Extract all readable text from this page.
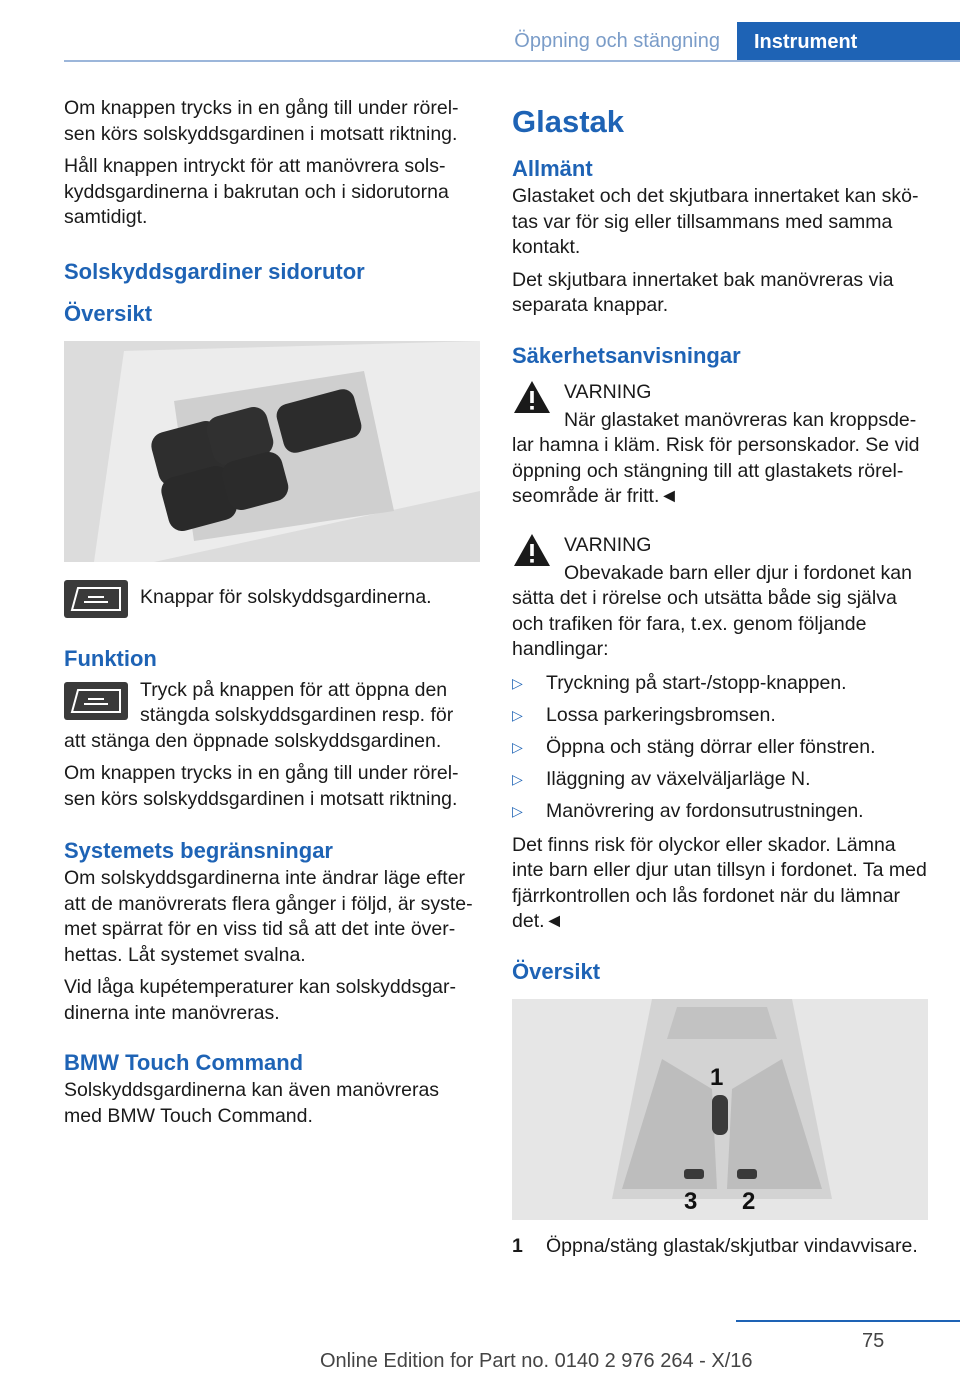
Öppning och stängning	Instrument

Om knappen trycks in en gång till under rörel-sen körs solskyddsgardinen i motsatt riktning.

Håll knappen intryckt för att manövrera sols-kyddsgardinerna i bakrutan och i sidorutorna samtidigt.

Solskyddsgardiner sidorutor
Översikt
Knappar för solskyddsgardinerna.
Funktion
Tryck på knappen för att öppna den stängda solskyddsgardinen resp. för att stänga den öppnade solskyddsgardinen.

Om knappen trycks in en gång till under rörel-sen körs solskyddsgardinen i motsatt riktning.

Systemets begränsningar

Om solskyddsgardinerna inte ändrar läge efter att de manövrerats flera gånger i följd, är syste-met spärrat för en viss tid så att det inte över-hettas. Låt systemet svalna.

Vid låga kupétemperaturer kan solskyddsgar-dinerna inte manövreras.

BMW Touch Command

Solskyddsgardinerna kan även manövreras med BMW Touch Command.

Glastak
Allmänt

Glastaket och det skjutbara innertaket kan skö-tas var för sig eller tillsammans med samma kontakt.

Det skjutbara innertaket bak manövreras via separata knappar.

Säkerhetsanvisningar
VARNING
När glastaket manövreras kan kroppsde-lar hamna i kläm. Risk för personskador. Se vid öppning och stängning till att glastakets rörel-seområde är fritt.◄
VARNING
Obevakade barn eller djur i fordonet kan sätta det i rörelse och utsätta både sig själva och trafiken för fara, t.ex. genom följande handlingar:
▷ Tryckning på start-/stopp-knappen.
▷ Lossa parkeringsbromsen.
▷ Öppna och stäng dörrar eller fönstren.
▷ Iläggning av växelväljarläge N.
▷ Manövrering av fordonsutrustningen.

Det finns risk för olyckor eller skador. Lämna inte barn eller djur utan tillsyn i fordonet. Ta med fjärrkontrollen och lås fordonet när du lämnar det.◄

Översikt
1
2
3
1	Öppna/stäng glastak/skjutbar vindavvisare.
75
Online Edition for Part no. 0140 2 976 264 - X/16
